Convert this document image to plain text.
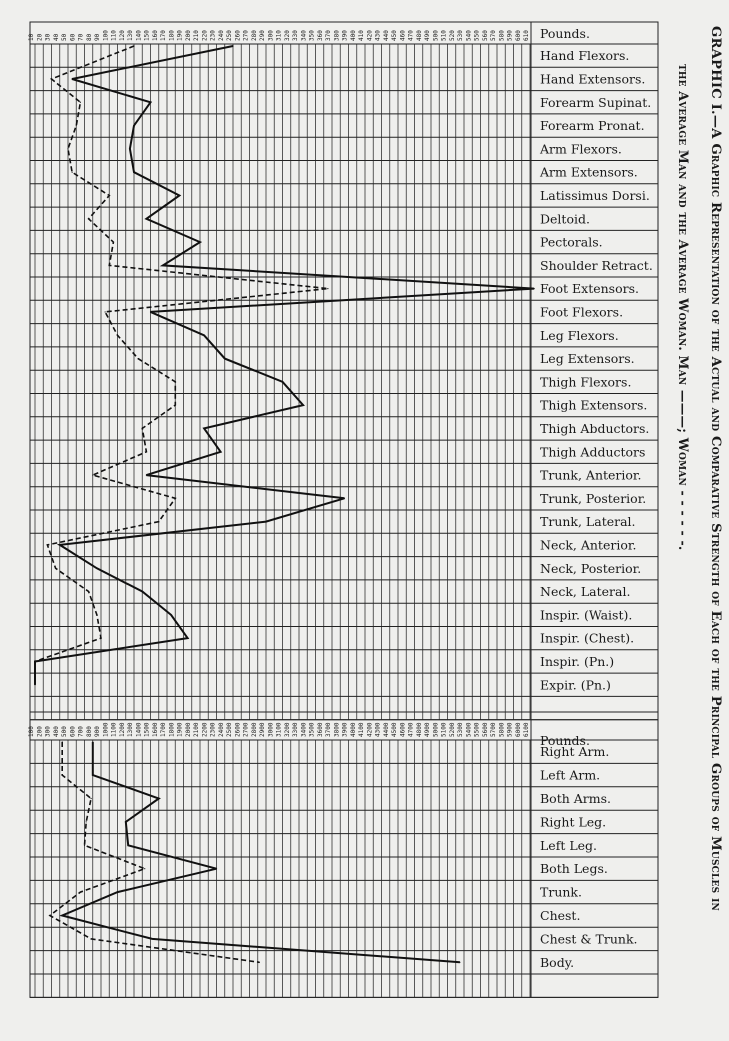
10 20 30 40 50 60 70 80 90 100 110 120 130 140 150 160 170 180 190 200 210 220 230 240 250 260 270 280 290 300 310 320 330 340 350 360 370 380 390 400 410 420 430 440 450 460 470 480 490 500 510 520 530 540 550 560 570 580 590 600 610 Pounds.
Hand Flexors.
Hand Extensors.
Forearm Supinat.
Forearm Pronat.
Arm Flexors.
Arm Extensors.
Latissimus Dorsi.
Deltoid.
Pectorals.
Shoulder Retract.
Foot Extensors.
Foot Flexors.
Leg Flexors.
Leg Extensors.
Thigh Flexors.
Thigh Extensors.
Thigh Abductors.
Thigh Adductors
Trunk, Anterior.
Trunk, Posterior.
Trunk, Lateral.
Neck, Anterior.
Neck, Posterior.
Neck, Lateral.
Inspir. (Waist).
Inspir. (Chest).
Inspir. (Pn.)
Expir. (Pn.)
100 200 300 400 500 600 700 800 900 1000 1100 1200 1300 1400 1500 1600 1700 1800 1900 2000 2100 2200 2300 2400 2500 2600 2700 2800 2900 3000 3100 3200 3300 3400 3500 3600 3700 3800 3900 4000 4100 4200 4300 4400 4500 4600 4700 4800 4900 5000 5100 5200 5300 5400 5500 5600 5700 5800 5900 6000 6100
Pounds.
Right Arm.
Left Arm.
Both Arms.
Right Leg.
Left Leg.
Both Legs.
Trunk.
Chest.
Chest & Trunk.
Body.
GRAPHIC I.—A Graphic Representation of the Actual and Comparative Strength of Each of the Principal Groups of Muscles in
the Average Man and the Average Woman. Man ———; Woman - - - - - -.
